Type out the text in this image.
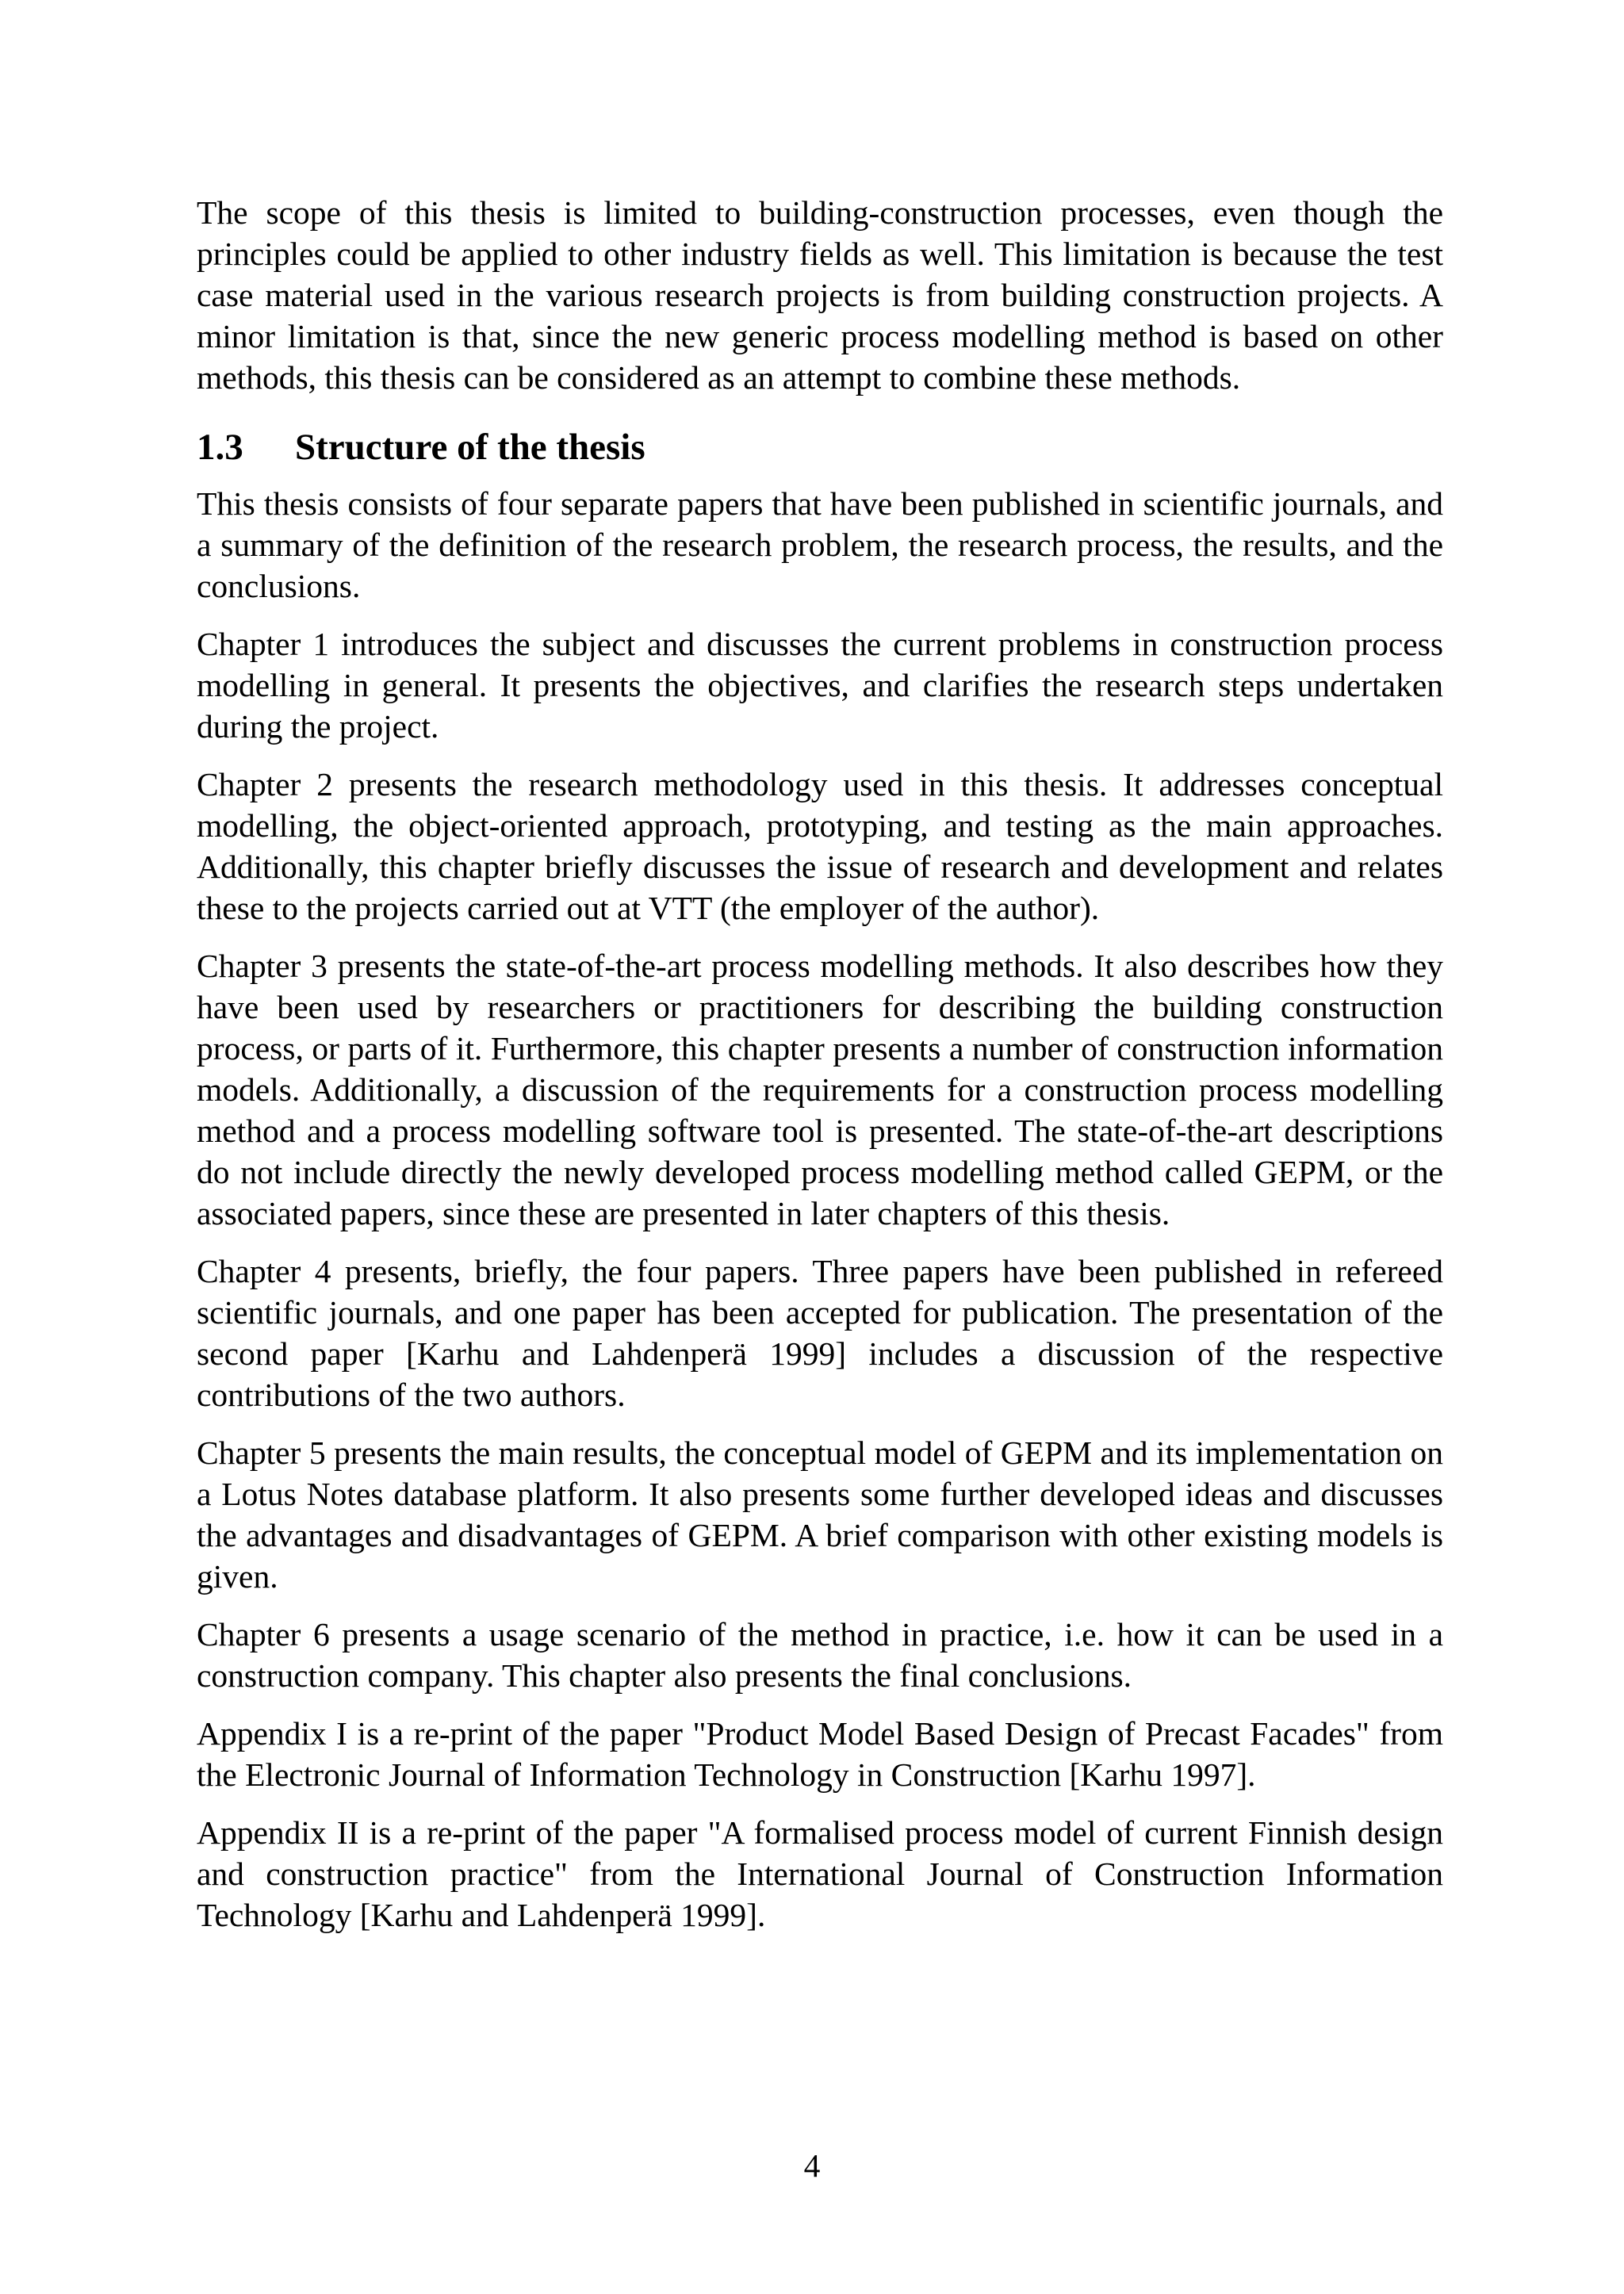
The scope of this thesis is limited to building-construction processes, even though the principles could be applied to other industry fields as well. This limitation is because the test case material used in the various research projects is from building construction projects. A minor limitation is that, since the new generic process modelling method is based on other methods, this thesis can be considered as an attempt to combine these methods.

1.3	Structure of the thesis

This thesis consists of four separate papers that have been published in scientific journals, and a summary of the definition of the research problem, the research process, the results, and the conclusions.

Chapter 1 introduces the subject and discusses the current problems in construction process modelling in general. It presents the objectives, and clarifies the research steps undertaken during the project.

Chapter 2 presents the research methodology used in this thesis. It addresses conceptual modelling, the object-oriented approach, prototyping, and testing as the main approaches. Additionally, this chapter briefly discusses the issue of research and development and relates these to the projects carried out at VTT (the employer of the author).

Chapter 3 presents the state-of-the-art process modelling methods. It also describes how they have been used by researchers or practitioners for describing the building construction process, or parts of it. Furthermore, this chapter presents a number of construction information models. Additionally, a discussion of the requirements for a construction process modelling method and a process modelling software tool is presented. The state-of-the-art descriptions do not include directly the newly developed process modelling method called GEPM, or the associated papers, since these are presented in later chapters of this thesis.

Chapter 4 presents, briefly, the four papers. Three papers have been published in refereed scientific journals, and one paper has been accepted for publication. The presentation of the second paper [Karhu and Lahdenperä 1999] includes a discussion of the respective contributions of the two authors.

Chapter 5 presents the main results, the conceptual model of GEPM and its implementation on a Lotus Notes database platform. It also presents some further developed ideas and discusses the advantages and disadvantages of GEPM. A brief comparison with other existing models is given.

Chapter 6 presents a usage scenario of the method in practice, i.e. how it can be used in a construction company. This chapter also presents the final conclusions.

Appendix I is a re-print of the paper "Product Model Based Design of Precast Facades" from the Electronic Journal of Information Technology in Construction [Karhu 1997].

Appendix II is a re-print of the paper "A formalised process model of current Finnish design and construction practice" from the International Journal of Construction Information Technology [Karhu and Lahdenperä 1999].

4
